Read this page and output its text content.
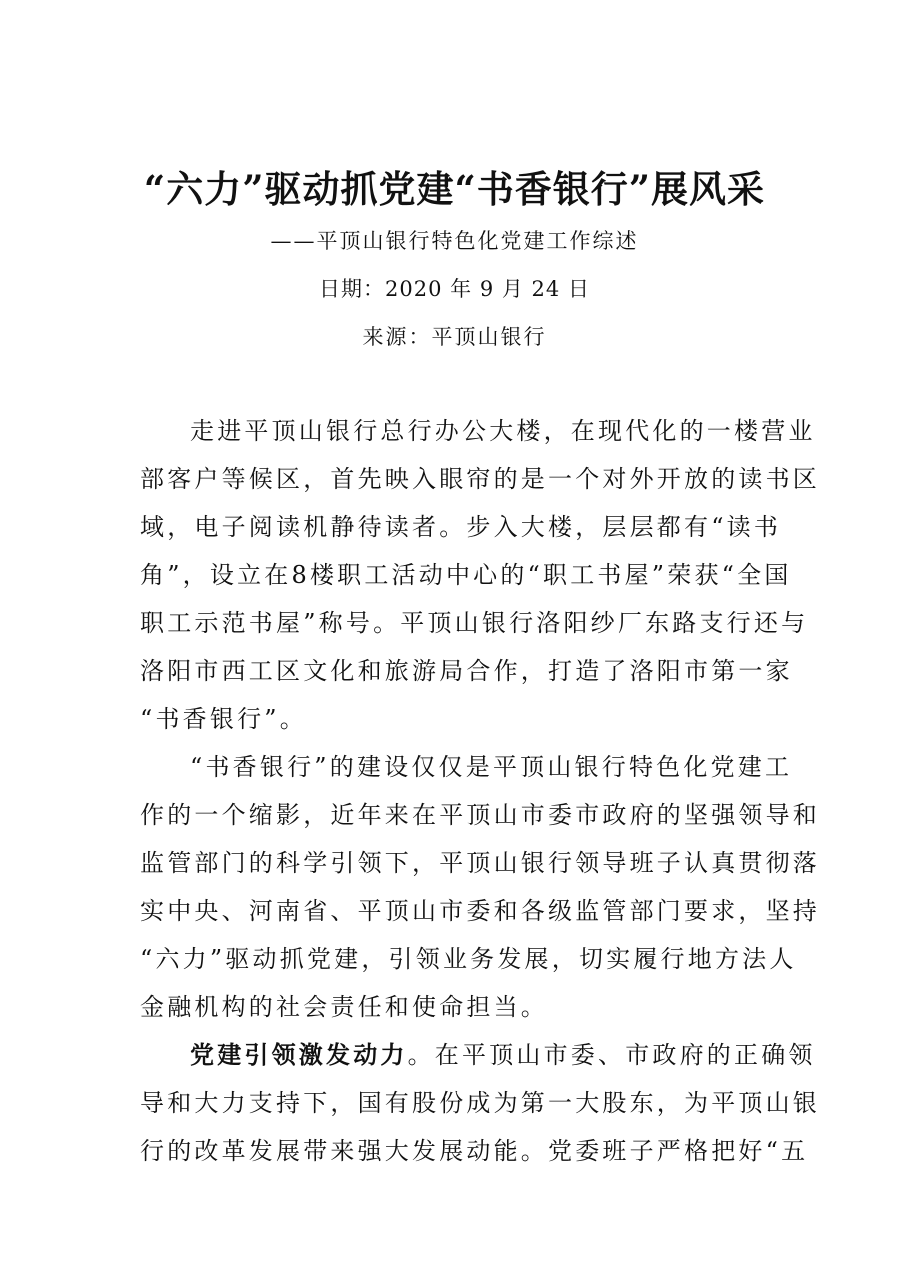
“六力”驱动抓党建“书香银行”展风采
——平顶山银行特色化党建工作综述
日期：2020 年 9 月 24 日
来源：平顶山银行

走进平顶山银行总行办公大楼，在现代化的一楼营业
部客户等候区，首先映入眼帘的是一个对外开放的读书区
域，电子阅读机静待读者。步入大楼，层层都有“读书
角”，设立在8楼职工活动中心的“职工书屋”荣获“全国
职工示范书屋”称号。平顶山银行洛阳纱厂东路支行还与
洛阳市西工区文化和旅游局合作，打造了洛阳市第一家
“书香银行”。

“书香银行”的建设仅仅是平顶山银行特色化党建工
作的一个缩影，近年来在平顶山市委市政府的坚强领导和
监管部门的科学引领下，平顶山银行领导班子认真贯彻落
实中央、河南省、平顶山市委和各级监管部门要求，坚持
“六力”驱动抓党建，引领业务发展，切实履行地方法人
金融机构的社会责任和使命担当。

党建引领激发动力。在平顶山市委、市政府的正确领
导和大力支持下，国有股份成为第一大股东，为平顶山银
行的改革发展带来强大发展动能。党委班子严格把好“五
